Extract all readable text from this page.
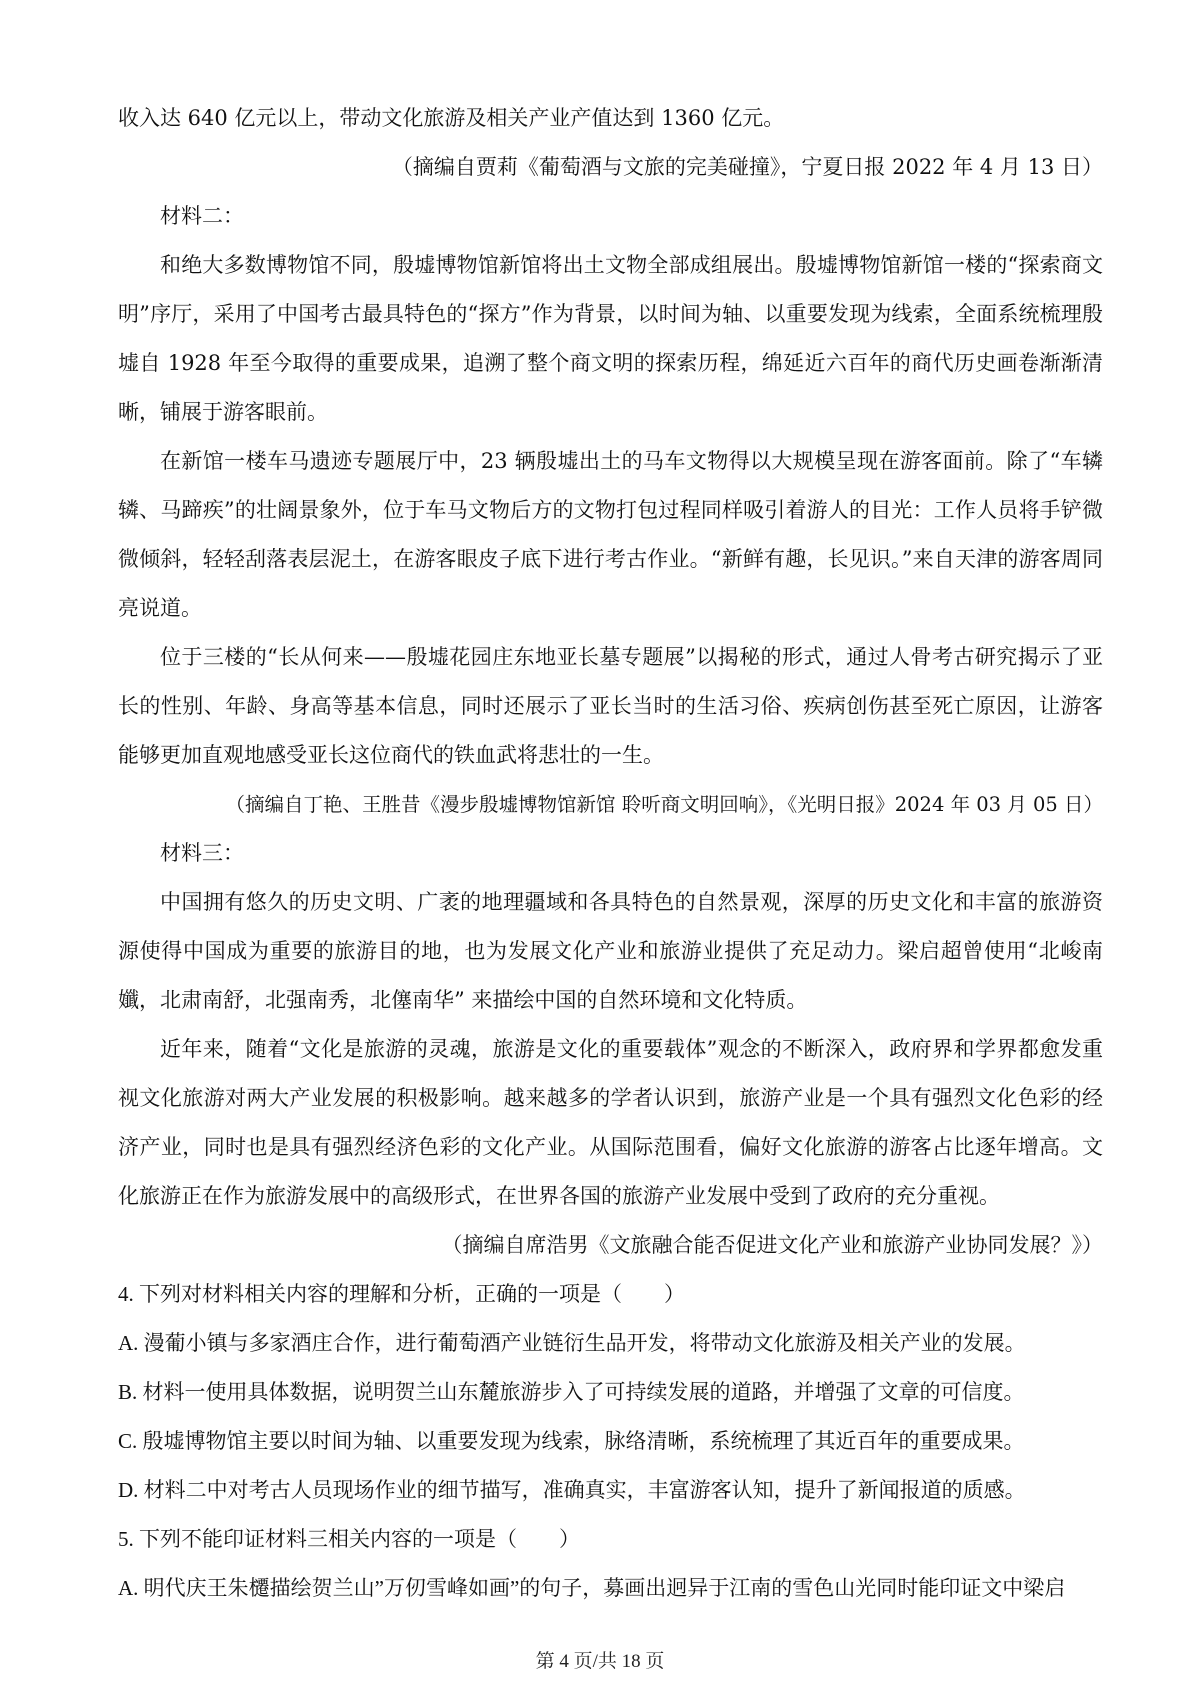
收入达 640 亿元以上，带动文化旅游及相关产业产值达到 1360 亿元。
（摘编自贾莉《葡萄酒与文旅的完美碰撞》，宁夏日报 2022 年 4 月 13 日）
材料二：

和绝大多数博物馆不同，殷墟博物馆新馆将出土文物全部成组展出。殷墟博物馆新馆一楼的“探索商文明”序厅，采用了中国考古最具特色的“探方”作为背景，以时间为轴、以重要发现为线索，全面系统梳理殷墟自 1928 年至今取得的重要成果，追溯了整个商文明的探索历程，绵延近六百年的商代历史画卷渐渐清晰，铺展于游客眼前。

在新馆一楼车马遗迹专题展厅中，23 辆殷墟出土的马车文物得以大规模呈现在游客面前。除了“车辚辚、马蹄疾”的壮阔景象外，位于车马文物后方的文物打包过程同样吸引着游人的目光：工作人员将手铲微微倾斜，轻轻刮落表层泥土，在游客眼皮子底下进行考古作业。“新鲜有趣，长见识。”来自天津的游客周同亮说道。

位于三楼的“长从何来——殷墟花园庄东地亚长墓专题展”以揭秘的形式，通过人骨考古研究揭示了亚长的性别、年龄、身高等基本信息，同时还展示了亚长当时的生活习俗、疾病创伤甚至死亡原因，让游客能够更加直观地感受亚长这位商代的铁血武将悲壮的一生。

（摘编自丁艳、王胜昔《漫步殷墟博物馆新馆 聆听商文明回响》，《光明日报》2024 年 03 月 05 日）
材料三：

中国拥有悠久的历史文明、广袤的地理疆域和各具特色的自然景观，深厚的历史文化和丰富的旅游资源使得中国成为重要的旅游目的地，也为发展文化产业和旅游业提供了充足动力。梁启超曾使用“北峻南孅，北肃南舒，北强南秀，北僿南华” 来描绘中国的自然环境和文化特质。

近年来，随着“文化是旅游的灵魂，旅游是文化的重要载体”观念的不断深入，政府界和学界都愈发重视文化旅游对两大产业发展的积极影响。越来越多的学者认识到，旅游产业是一个具有强烈文化色彩的经济产业，同时也是具有强烈经济色彩的文化产业。从国际范围看，偏好文化旅游的游客占比逐年增高。文化旅游正在作为旅游发展中的高级形式，在世界各国的旅游产业发展中受到了政府的充分重视。

（摘编自席浩男《文旅融合能否促进文化产业和旅游产业协同发展？》）
4. 下列对材料相关内容的理解和分析，正确的一项是（　　）
A. 漫葡小镇与多家酒庄合作，进行葡萄酒产业链衍生品开发，将带动文化旅游及相关产业的发展。
B. 材料一使用具体数据，说明贺兰山东麓旅游步入了可持续发展的道路，并增强了文章的可信度。
C. 殷墟博物馆主要以时间为轴、以重要发现为线索，脉络清晰，系统梳理了其近百年的重要成果。
D. 材料二中对考古人员现场作业的细节描写，准确真实，丰富游客认知，提升了新闻报道的质感。
5. 下列不能印证材料三相关内容的一项是（　　）
A. 明代庆王朱櫏描绘贺兰山”万仞雪峰如画”的句子，募画出迥异于江南的雪色山光同时能印证文中梁启
第 4 页/共 18 页
